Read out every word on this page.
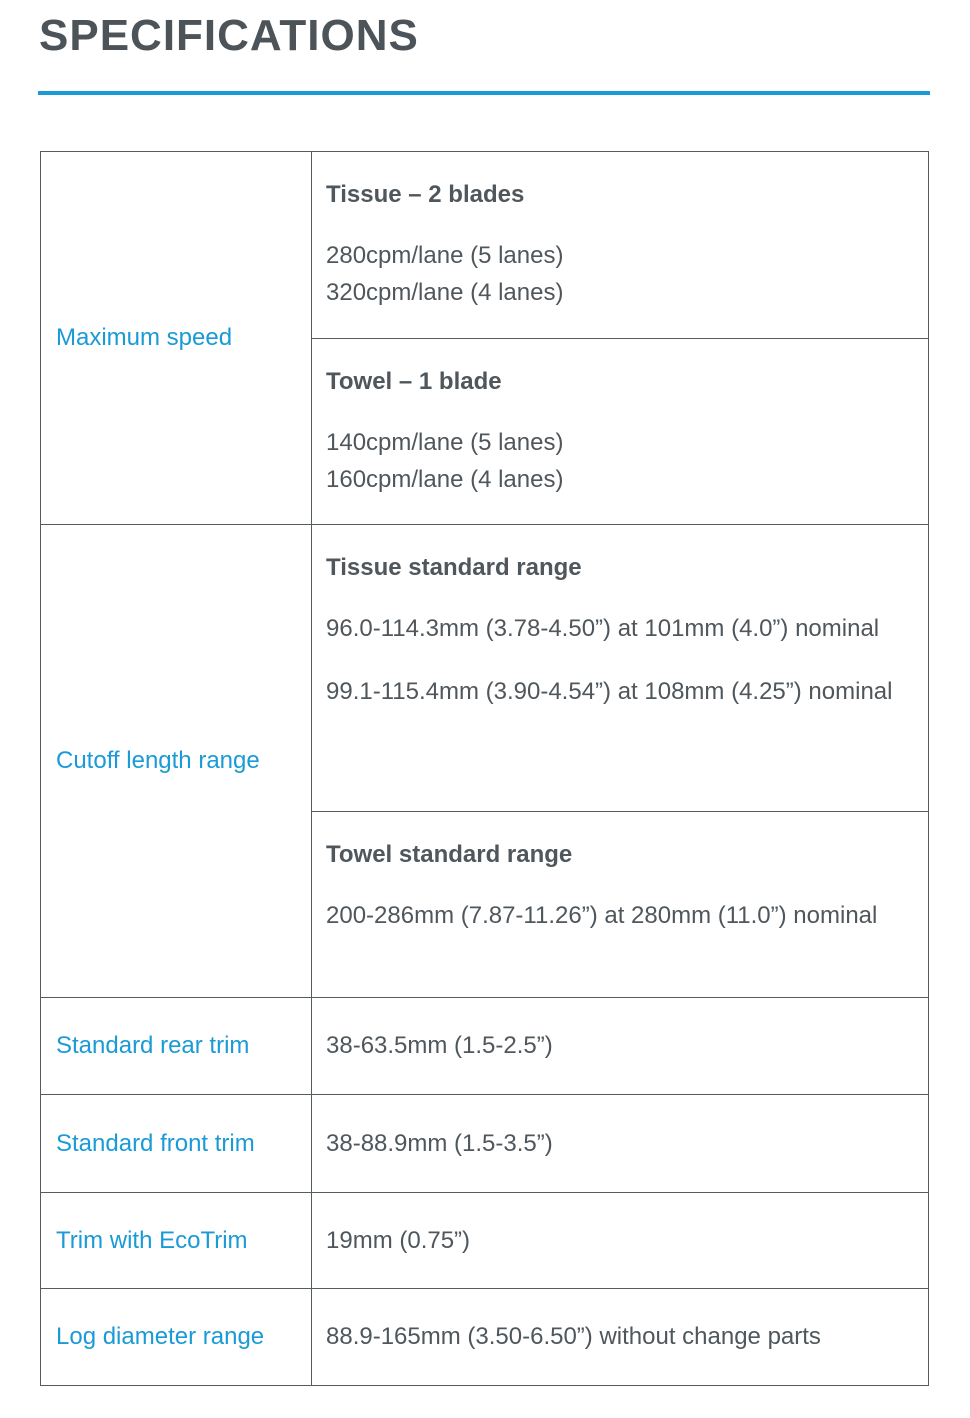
SPECIFICATIONS
Maximum speed	Tissue – 2 blades

280cpm/lane (5 lanes)

320cpm/lane (4 lanes)

	Towel – 1 blade

140cpm/lane (5 lanes)

160cpm/lane (4 lanes)

Cutoff length range	Tissue standard range

96.0-114.3mm (3.78-4.50”) at 101mm (4.0”) nominal

99.1-115.4mm (3.90-4.54”) at 108mm (4.25”) nominal

	Towel standard range

200-286mm (7.87-11.26”) at 280mm (11.0”) nominal

Standard rear trim	38-63.5mm (1.5-2.5”)
Standard front trim	38-88.9mm (1.5-3.5”)
Trim with EcoTrim	19mm (0.75”)
Log diameter range	88.9-165mm (3.50-6.50”) without change parts
